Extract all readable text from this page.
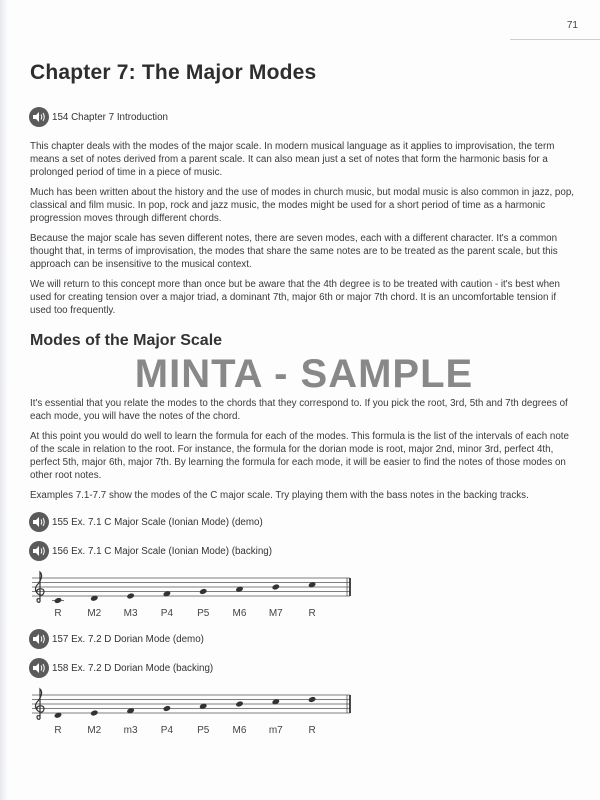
71
Chapter 7: The Major Modes
154 Chapter 7 Introduction

This chapter deals with the modes of the major scale. In modern musical language as it applies to improvisation, the term means a set of notes derived from a parent scale. It can also mean just a set of notes that form the harmonic basis for a prolonged period of time in a piece of music.

Much has been written about the history and the use of modes in church music, but modal music is also common in jazz, pop, classical and film music. In pop, rock and jazz music, the modes might be used for a short period of time as a harmonic progression moves through different chords.

Because the major scale has seven different notes, there are seven modes, each with a different character. It's a common thought that, in terms of improvisation, the modes that share the same notes are to be treated as the parent scale, but this approach can be insensitive to the musical context.

We will return to this concept more than once but be aware that the 4th degree is to be treated with caution - it's best when used for creating tension over a major triad, a dominant 7th, major 6th or major 7th chord. It is an uncomfortable tension if used too frequently.

Modes of the Major Scale
MINTA - SAMPLE

It's essential that you relate the modes to the chords that they correspond to. If you pick the root, 3rd, 5th and 7th degrees of each mode, you will have the notes of the chord.

At this point you would do well to learn the formula for each of the modes. This formula is the list of the intervals of each note of the scale in relation to the root. For instance, the formula for the dorian mode is root, major 2nd, minor 3rd, perfect 4th, perfect 5th, major 6th, major 7th. By learning the formula for each mode, it will be easier to find the notes of those modes on other root notes.

Examples 7.1-7.7 show the modes of the C major scale. Try playing them with the bass notes in the backing tracks.

155 Ex. 7.1 C Major Scale (Ionian Mode) (demo)
156 Ex. 7.1 C Major Scale (Ionian Mode) (backing)
R	M2 M3 P4 P5 M6 M7	R
157 Ex. 7.2 D Dorian Mode (demo)
158 Ex. 7.2 D Dorian Mode (backing)
R	M2 m3 P4 P5 M6 m7	R
